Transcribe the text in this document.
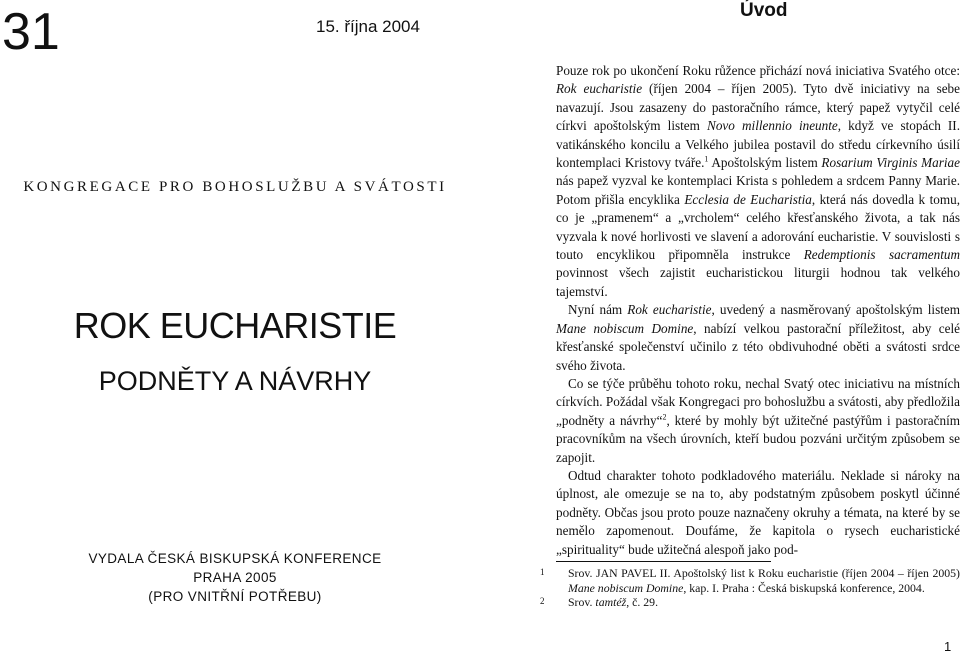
31	15. října 2004
KONGREGACE PRO BOHOSLUŽBU A SVÁTOSTI
ROK EUCHARISTIE
PODNĚTY A NÁVRHY
VYDALA ČESKÁ BISKUPSKÁ KONFERENCE
PRAHA 2005
(PRO VNITŘNÍ POTŘEBU)
Úvod

Pouze rok po ukončení Roku růžence přichází nová iniciativa Svatého otce: Rok eucharistie (říjen 2004 – říjen 2005). Tyto dvě iniciativy na sebe navazují. Jsou zasazeny do pastoračního rámce, který papež vytyčil celé církvi apoštolským listem Novo millennio ineunte, když ve stopách II. vatikánského koncilu a Velkého jubilea postavil do středu církevního úsilí kontemplaci Kristovy tváře.$^1$ Apoštolským listem Rosarium Virginis Mariae nás papež vyzval ke kontemplaci Krista s pohledem a srdcem Panny Marie. Potom přišla encyklika Ecclesia de Eucharistia, která nás dovedla k tomu, co je „pramenem“ a „vrcholem“ celého křesťanského života, a tak nás vyzvala k nové horlivosti ve slavení a adorování eucharistie. V souvislosti s touto encyklikou připomněla instrukce Redemptionis sacramentum povinnost všech zajistit eucharistickou liturgii hodnou tak velkého tajemství.

Nyní nám Rok eucharistie, uvedený a nasměrovaný apoštolským listem Mane nobiscum Domine, nabízí velkou pastorační příležitost, aby celé křesťanské společenství učinilo z této obdivuhodné oběti a svátosti srdce svého života.

Co se týče průběhu tohoto roku, nechal Svatý otec iniciativu na místních církvích. Požádal však Kongregaci pro bohoslužbu a svátosti, aby předložila „podněty a návrhy“$^2$, které by mohly být užitečné pastýřům i pastoračním pracovníkům na všech úrovních, kteří budou pozváni určitým způsobem se zapojit.

Odtud charakter tohoto podkladového materiálu. Neklade si nároky na úplnost, ale omezuje se na to, aby podstatným způsobem poskytl účinné podněty. Občas jsou proto pouze naznačeny okruhy a témata, na které by se nemělo zapomenout. Doufáme, že kapitola o rysech eucharistické „spirituality“ bude užitečná alespoň jako pod-

1	Srov. JAN PAVEL II. Apoštolský list k Roku eucharistie (říjen 2004 – říjen 2005) Mane nobiscum Domine, kap. I. Praha : Česká biskupská konference, 2004.
2	Srov. tamtéž, č. 29.
1
